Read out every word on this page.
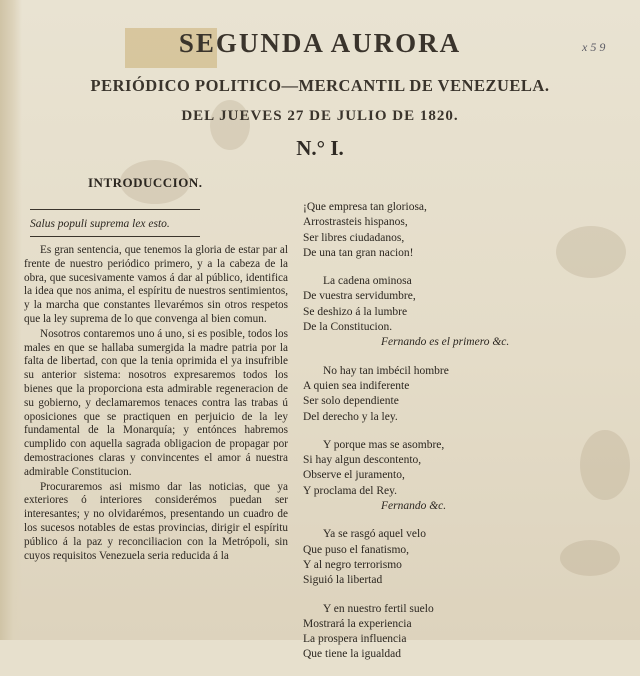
SEGUNDA AURORA
PERIÓDICO POLITICO—MERCANTIL DE VENEZUELA.
DEL JUEVES 27 DE JULIO DE 1820.
N.° I.
x 5 9
INTRODUCCION.
Salus populi suprema lex esto.

Es gran sentencia, que tenemos la gloria de estar par al frente de nuestro periódico primero, y a la cabeza de la obra, que sucesivamente vamos á dar al público, identifica la idea que nos anima, el espíritu de nuestros sentimientos, y la marcha que constantes llevarémos sin otros respetos que la ley suprema de lo que convenga al bien comun.

Nosotros contaremos uno á uno, si es posible, todos los males en que se hallaba sumergida la madre patria por la falta de libertad, con que la tenia oprimida el ya insufrible su anterior sistema: nosotros expresaremos todos los bienes que la proporciona esta admirable regeneracion de su gobierno, y declamaremos tenaces contra las trabas ú oposiciones que se practiquen en perjuicio de la ley fundamental de la Monarquía; y entónces habremos cumplido con aquella sagrada obligacion de propagar por demostraciones claras y convincentes el amor á nuestra admirable Constitucion.

Procuraremos asi mismo dar las noticias, que ya exteriores ó interiores considerémos puedan ser interesantes; y no olvidarémos, presentando un cuadro de los sucesos notables de estas provincias, dirigir el espíritu público á la paz y reconciliacion con la Metrópoli, sin cuyos requisitos Venezuela seria reducida á la

¡Que empresa tan gloriosa,
Arrostrasteis hispanos,
Ser libres ciudadanos,
De una tan gran nacion!
La cadena ominosa
De vuestra servidumbre,
Se deshizo á la lumbre
De la Constitucion.
Fernando es el primero &c.
No hay tan imbécil hombre
A quien sea indiferente
Ser solo dependiente
Del derecho y la ley.
Y porque mas se asombre,
Si hay algun descontento,
Observe el juramento,
Y proclama del Rey.
Fernando &c.
Ya se rasgó aquel velo
Que puso el fanatismo,
Y al negro terrorismo
Siguió la libertad
Y en nuestro fertil suelo
Mostrará la experiencia
La prospera influencia
Que tiene la igualdad
